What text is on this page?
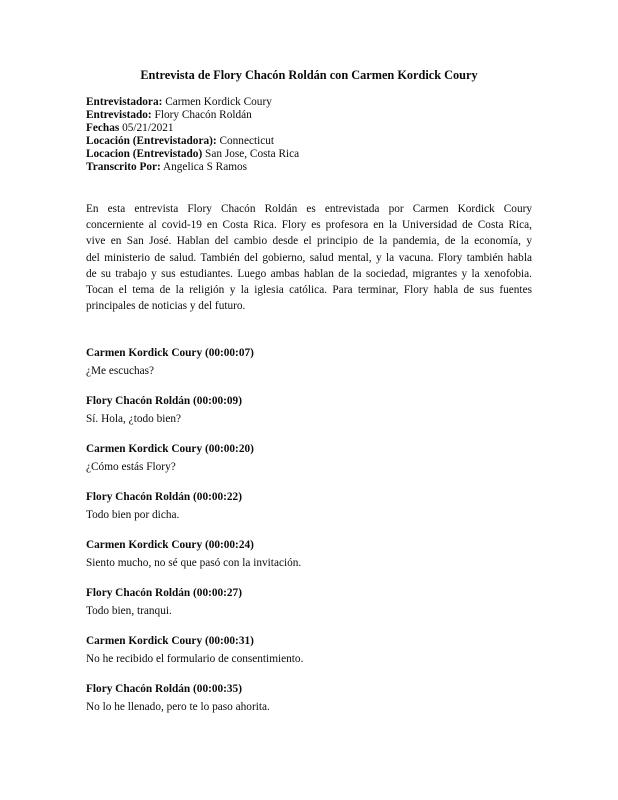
Entrevista de Flory Chacón Roldán con Carmen Kordick Coury
Entrevistadora: Carmen Kordick Coury
Entrevistado: Flory Chacón Roldán
Fechas 05/21/2021
Locación (Entrevistadora): Connecticut
Locacion (Entrevistado) San Jose, Costa Rica
Transcrito Por: Angelica S Ramos
En esta entrevista Flory Chacón Roldán es entrevistada por Carmen Kordick Coury
concerniente al covid-19 en Costa Rica. Flory es profesora en la Universidad de Costa Rica,
vive en San José. Hablan del cambio desde el principio de la pandemia, de la economía, y
del ministerio de salud. También del gobierno, salud mental, y la vacuna. Flory también habla
de su trabajo y sus estudiantes. Luego ambas hablan de la sociedad, migrantes y la xenofobia.
Tocan el tema de la religión y la iglesia católica. Para terminar, Flory habla de sus fuentes
principales de noticias y del futuro.
Carmen Kordick Coury (00:00:07)
¿Me escuchas?
Flory Chacón Roldán (00:00:09)
Sí. Hola, ¿todo bien?
Carmen Kordick Coury (00:00:20)
¿Cómo estás Flory?
Flory Chacón Roldán (00:00:22)
Todo bien por dicha.
Carmen Kordick Coury (00:00:24)
Siento mucho, no sé que pasó con la invitación.
Flory Chacón Roldán (00:00:27)
Todo bien, tranqui.
Carmen Kordick Coury (00:00:31)
No he recibido el formulario de consentimiento.
Flory Chacón Roldán (00:00:35)
No lo he llenado, pero te lo paso ahorita.
